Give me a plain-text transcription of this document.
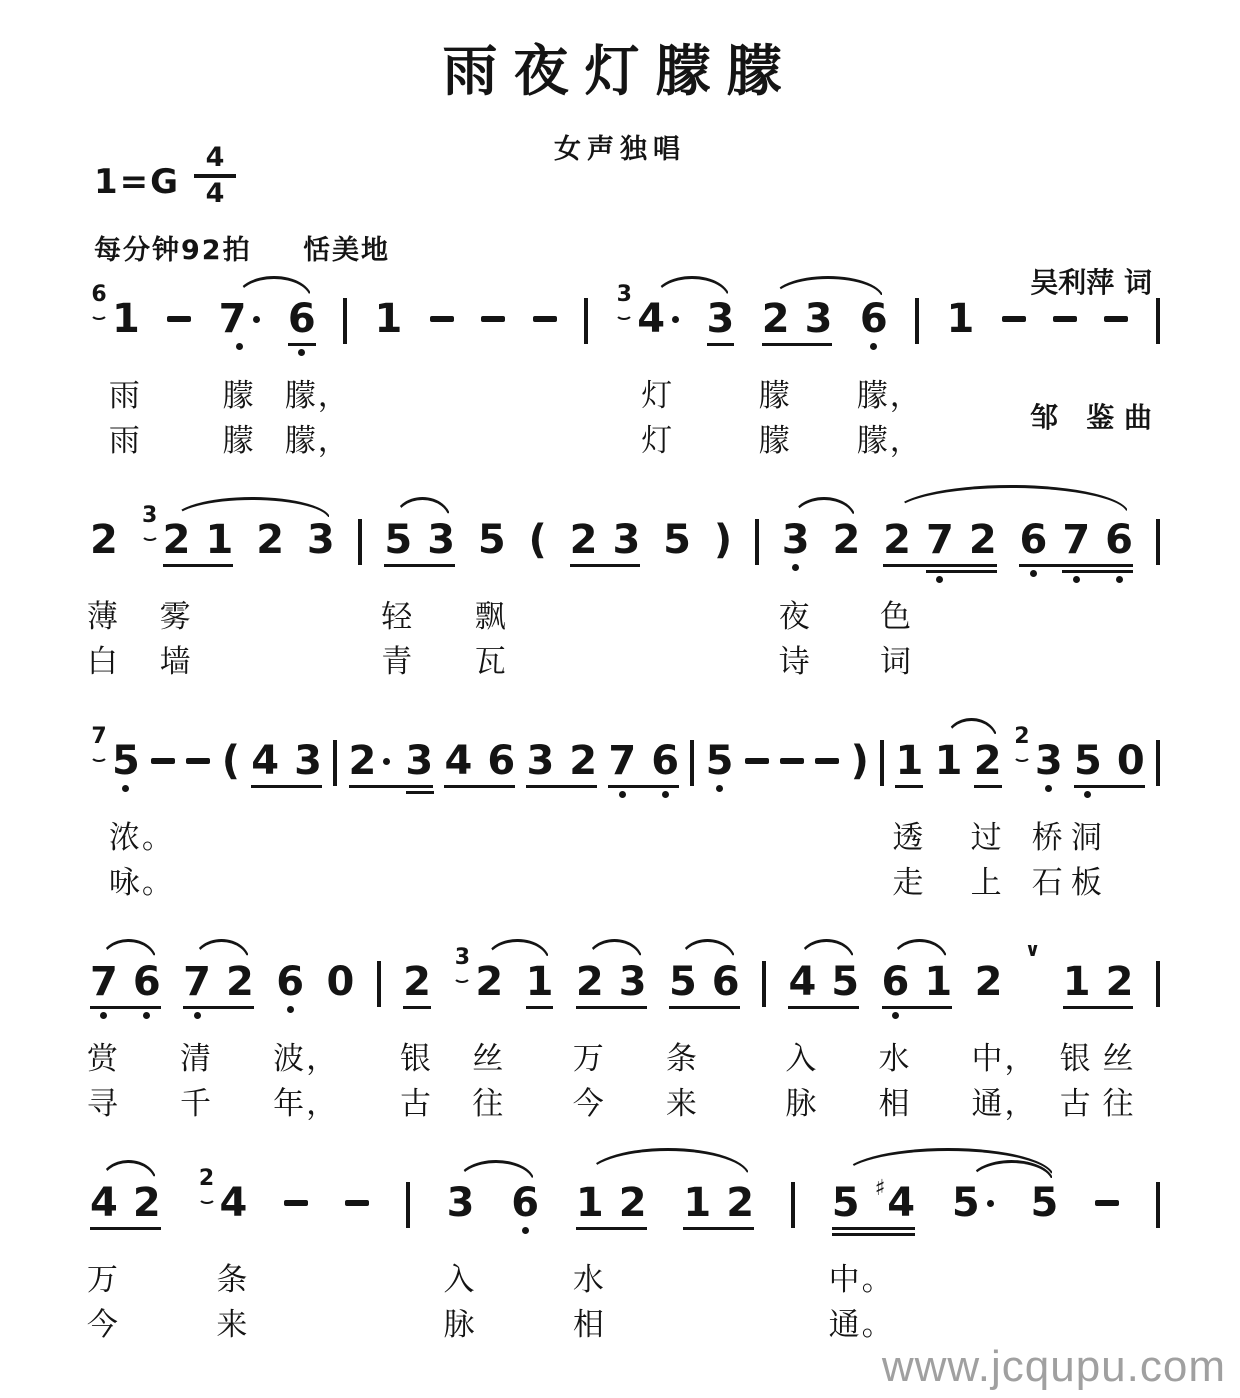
雨夜灯朦朦
女声独唱
$1=G \frac{4}{4}$
每分钟92拍 恬美地

吴利萍 词

邹　鉴 曲

6
1 7 6 1
3
4 3 2 3 6 1
雨	朦 朦，	灯	朦 朦，
雨	朦 朦，	灯	朦 朦，
2
3
2 1 2 3 5 3 5 ( 2 3 5 ) 3 2 2 7 2 6 7 6
薄 雾	轻 飘	夜 色
白 墙	青 瓦	诗 词
7
5 ( 4 3 2 3 4 6 3 2 7 6 5	) 1 1 2
2
3 5 0
浓。	透 过 桥 洞
咏。	走 上 石 板
7 6 7 2 6 0 2
3
2 1 2 3 5 6 4 5 6 1 2
∨
1 2
赏 清 波， 银 丝 万 条	入 水 中， 银 丝
寻 千 年， 古 往 今 来	脉 相 通， 古 往
4 2
2
4	3 6 1 2 1 2 5 ♯ 4 5 5
万	条	入	水	中。
今	来	脉	相	通。
www.jcqupu.com
